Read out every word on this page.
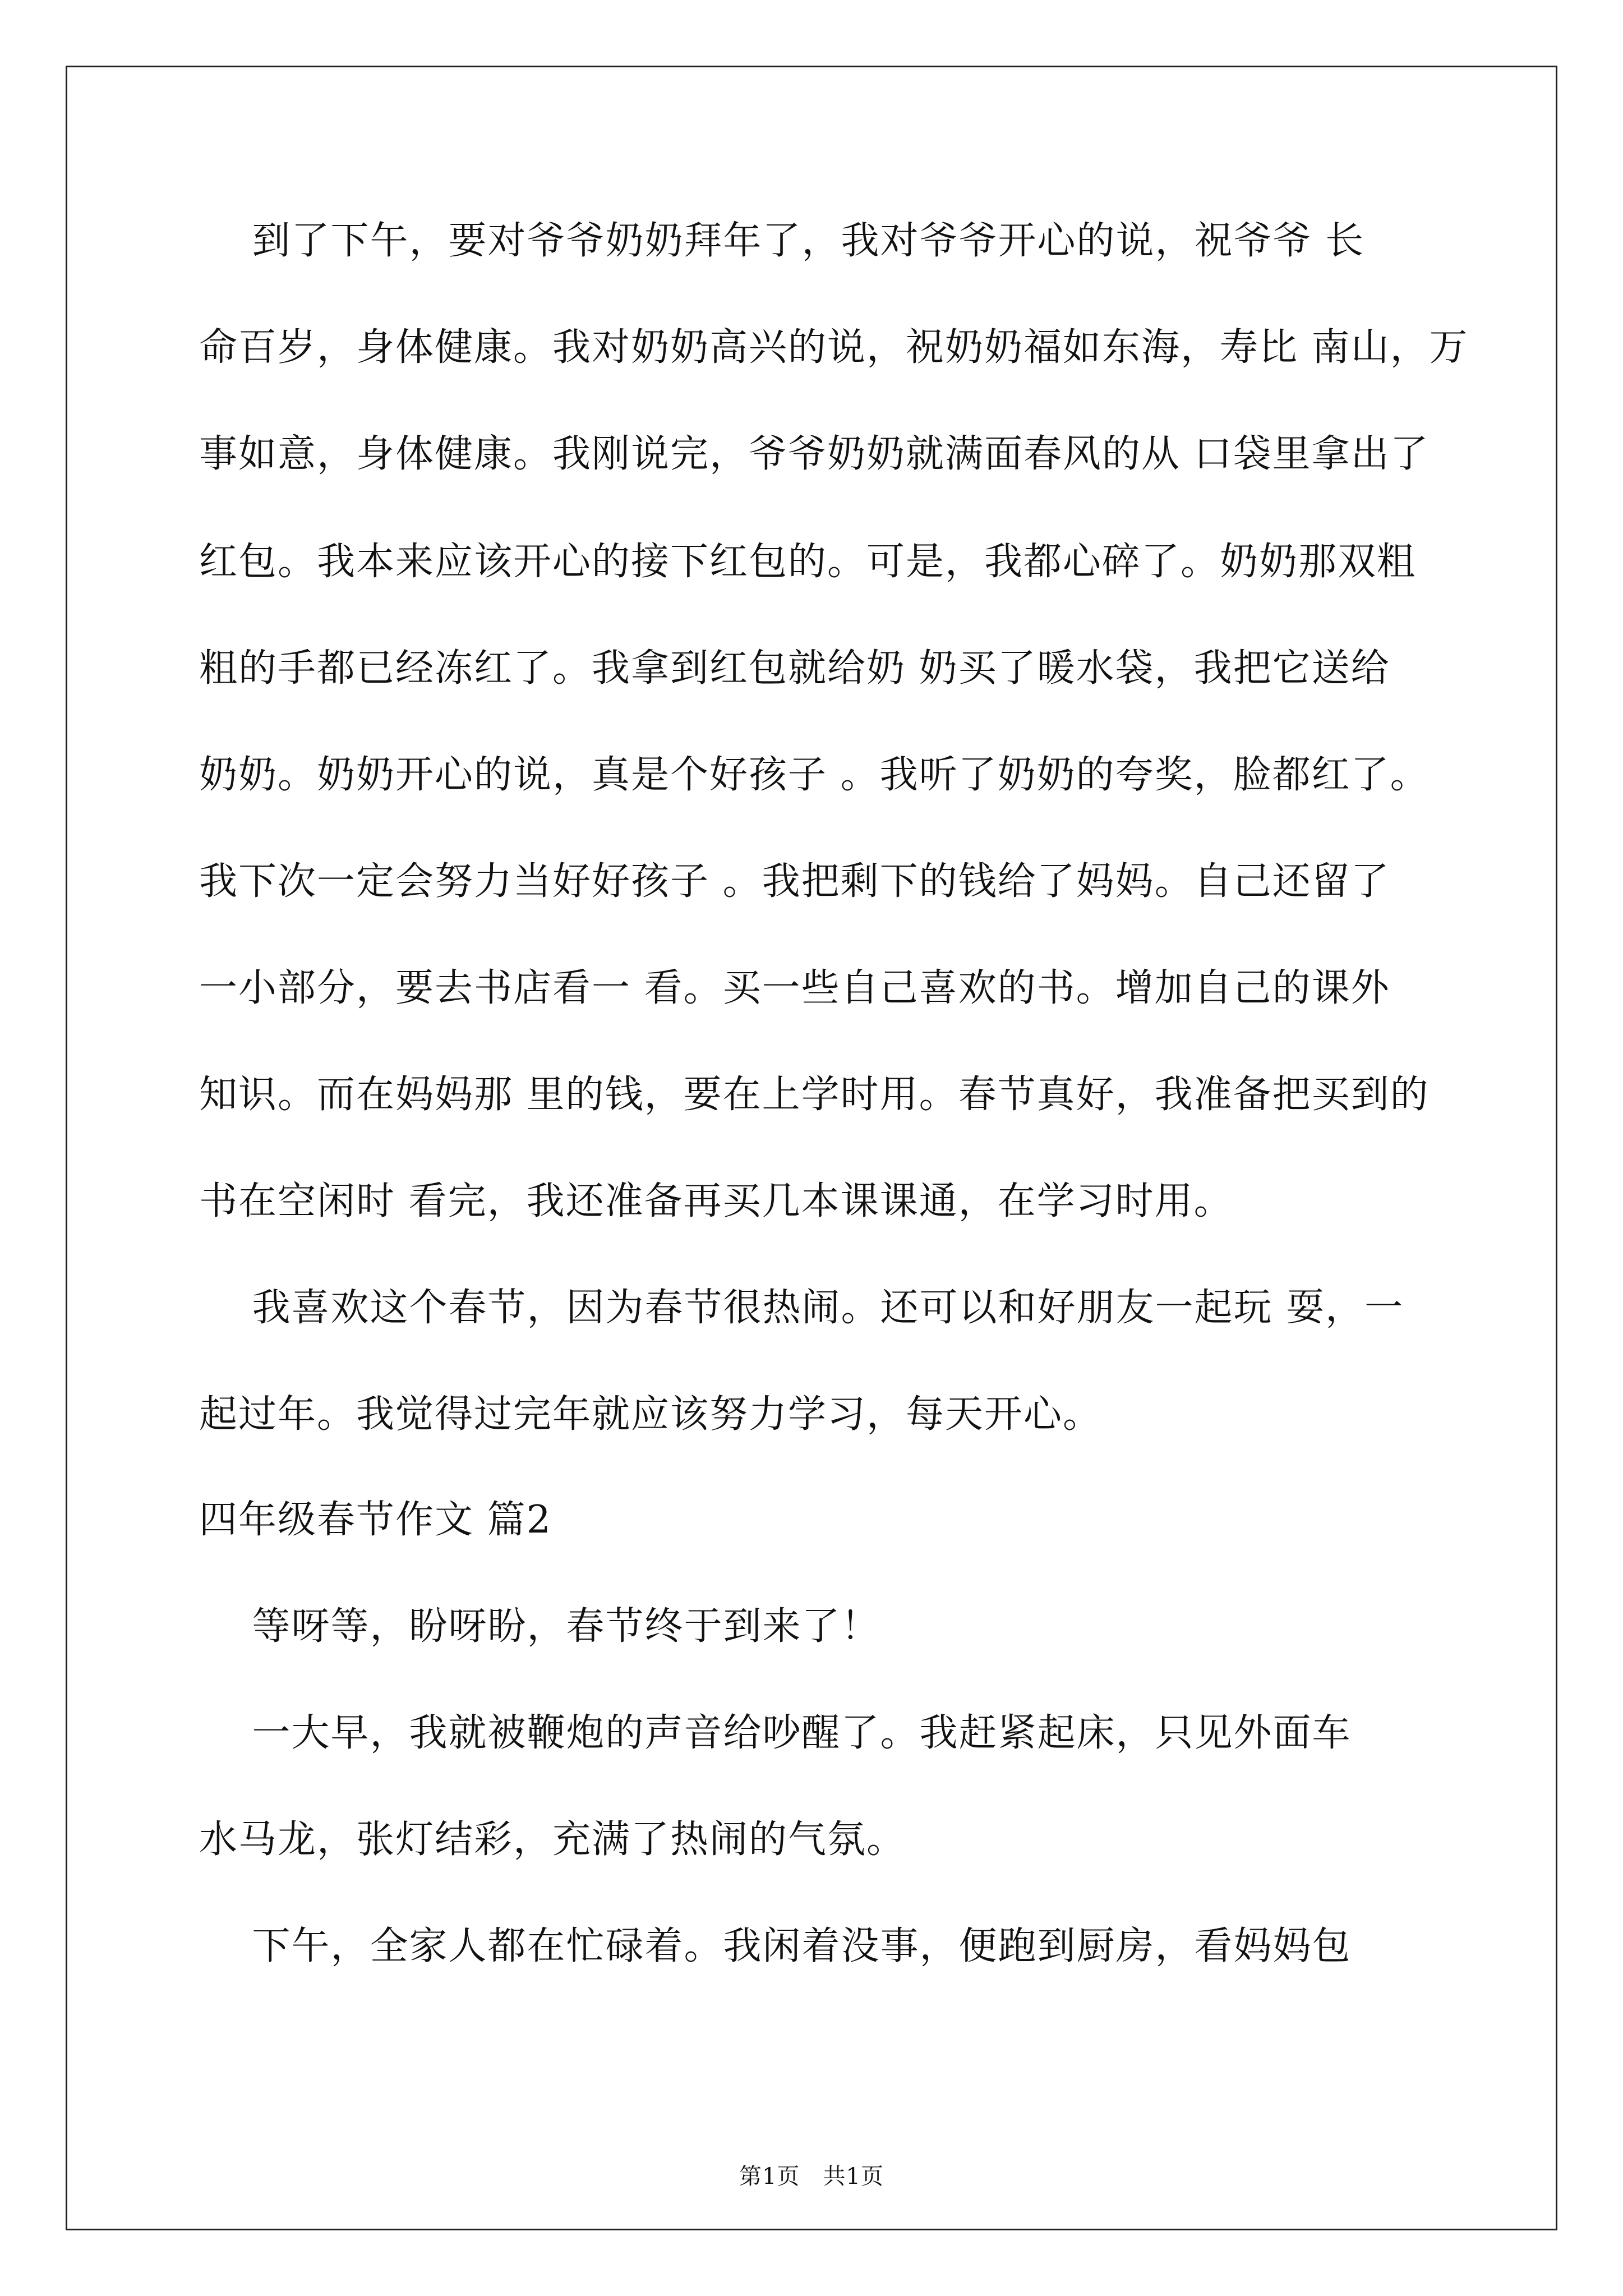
到了下午，要对爷爷奶奶拜年了，我对爷爷开心的说，祝爷爷 长
命百岁，身体健康。我对奶奶高兴的说，祝奶奶福如东海，寿比 南山，万
事如意，身体健康。我刚说完，爷爷奶奶就满面春风的从 口袋里拿出了
红包。我本来应该开心的接下红包的。可是，我都心碎了。奶奶那双粗
粗的手都已经冻红了。我拿到红包就给奶 奶买了暖水袋，我把它送给
奶奶。奶奶开心的说，真是个好孩子 。我听了奶奶的夸奖，脸都红了。
我下次一定会努力当好好孩子 。我把剩下的钱给了妈妈。自己还留了
一小部分，要去书店看一 看。买一些自己喜欢的书。增加自己的课外
知识。而在妈妈那 里的钱，要在上学时用。春节真好，我准备把买到的
书在空闲时 看完，我还准备再买几本课课通，在学习时用。
我喜欢这个春节，因为春节很热闹。还可以和好朋友一起玩 耍，一
起过年。我觉得过完年就应该努力学习，每天开心。
四年级春节作文 篇2
等呀等，盼呀盼，春节终于到来了！
一大早，我就被鞭炮的声音给吵醒了。我赶紧起床，只见外面车
水马龙，张灯结彩，充满了热闹的气氛。
下午，全家人都在忙碌着。我闲着没事，便跑到厨房，看妈妈包
第1页   共1页
